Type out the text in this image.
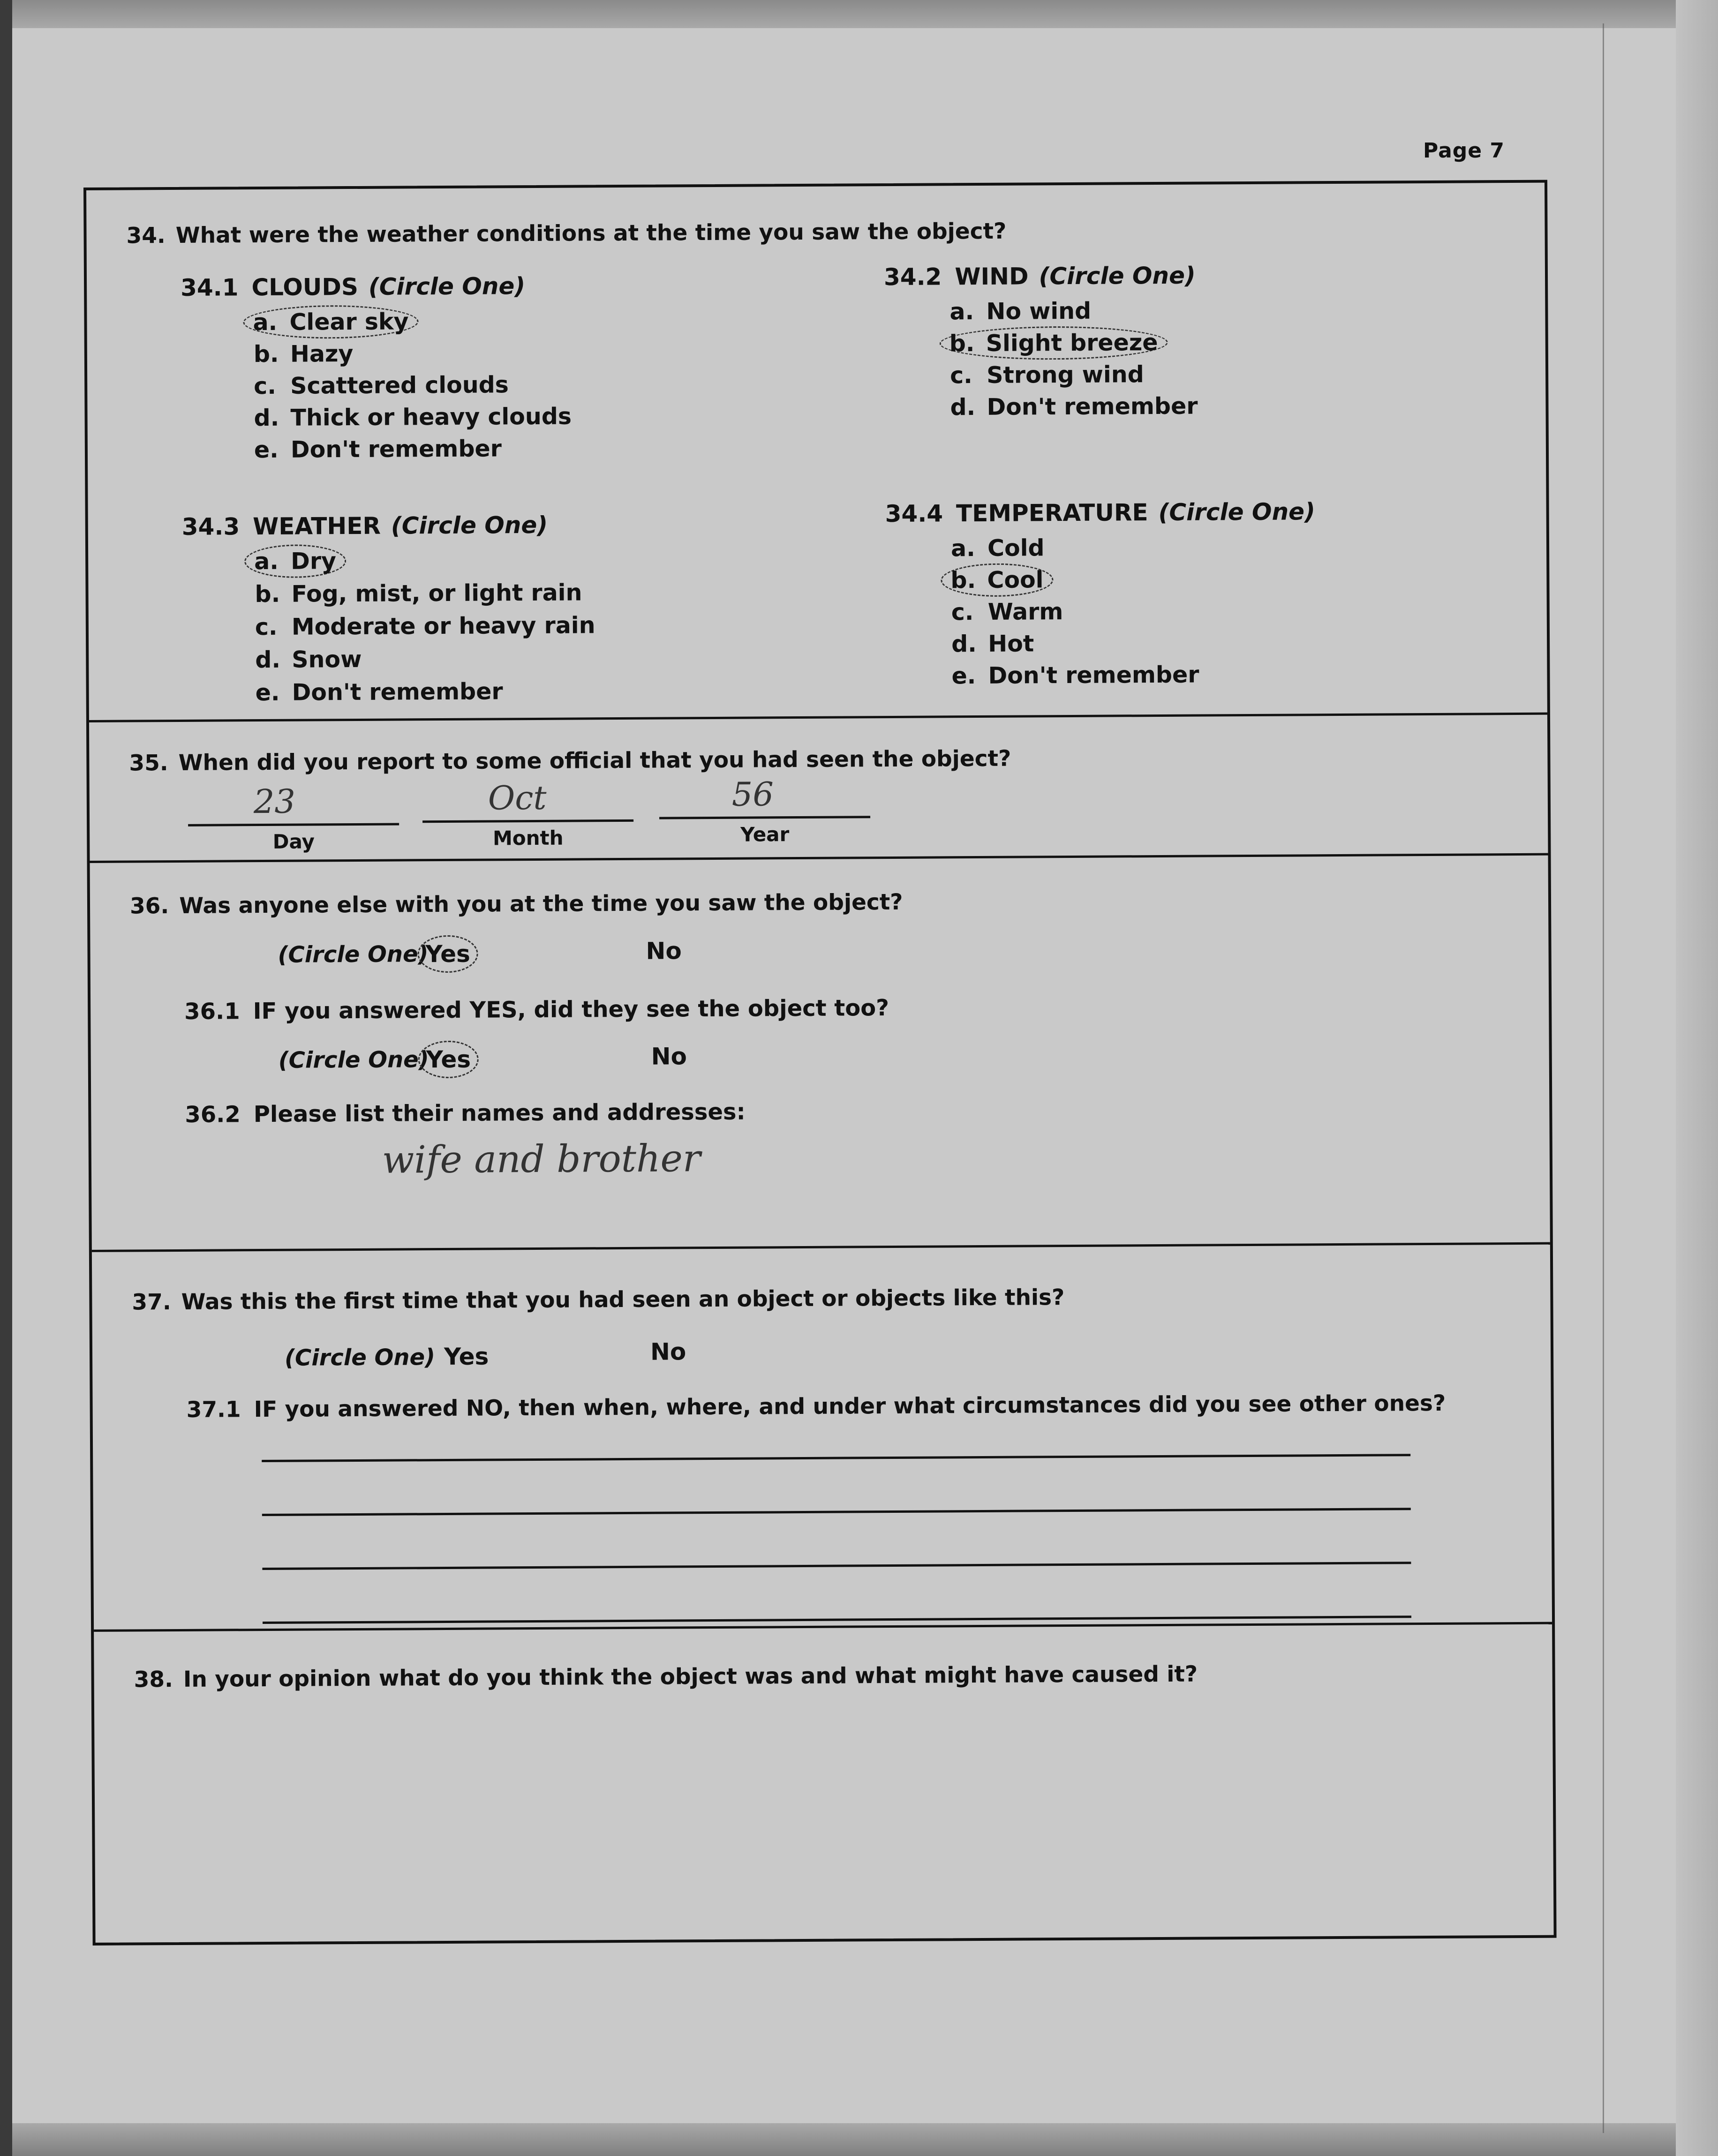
Page 7
34. What were the weather conditions at the time you saw the object?
34.1 CLOUDS (Circle One)
a. Clear sky
b. Hazy
c. Scattered clouds
d. Thick or heavy clouds
e. Don't remember
34.2 WIND (Circle One)
a. No wind
b. Slight breeze
c. Strong wind
d. Don't remember
34.3 WEATHER (Circle One)
a. Dry
b. Fog, mist, or light rain
c. Moderate or heavy rain
d. Snow
e. Don't remember
34.4 TEMPERATURE (Circle One)
a. Cold
b. Cool
c. Warm
d. Hot
e. Don't remember
35. When did you report to some official that you had seen the object?
23
Day
Oct
Month
56
Year
36. Was anyone else with you at the time you saw the object?
(Circle One)
Yes	No
36.1 IF you answered YES, did they see the object too?
(Circle One)
Yes	No
36.2 Please list their names and addresses:
wife and brother
37. Was this the first time that you had seen an object or objects like this?
(Circle One) Yes	No
37.1 IF you answered NO, then when, where, and under what circumstances did you see other ones?
38. In your opinion what do you think the object was and what might have caused it?
